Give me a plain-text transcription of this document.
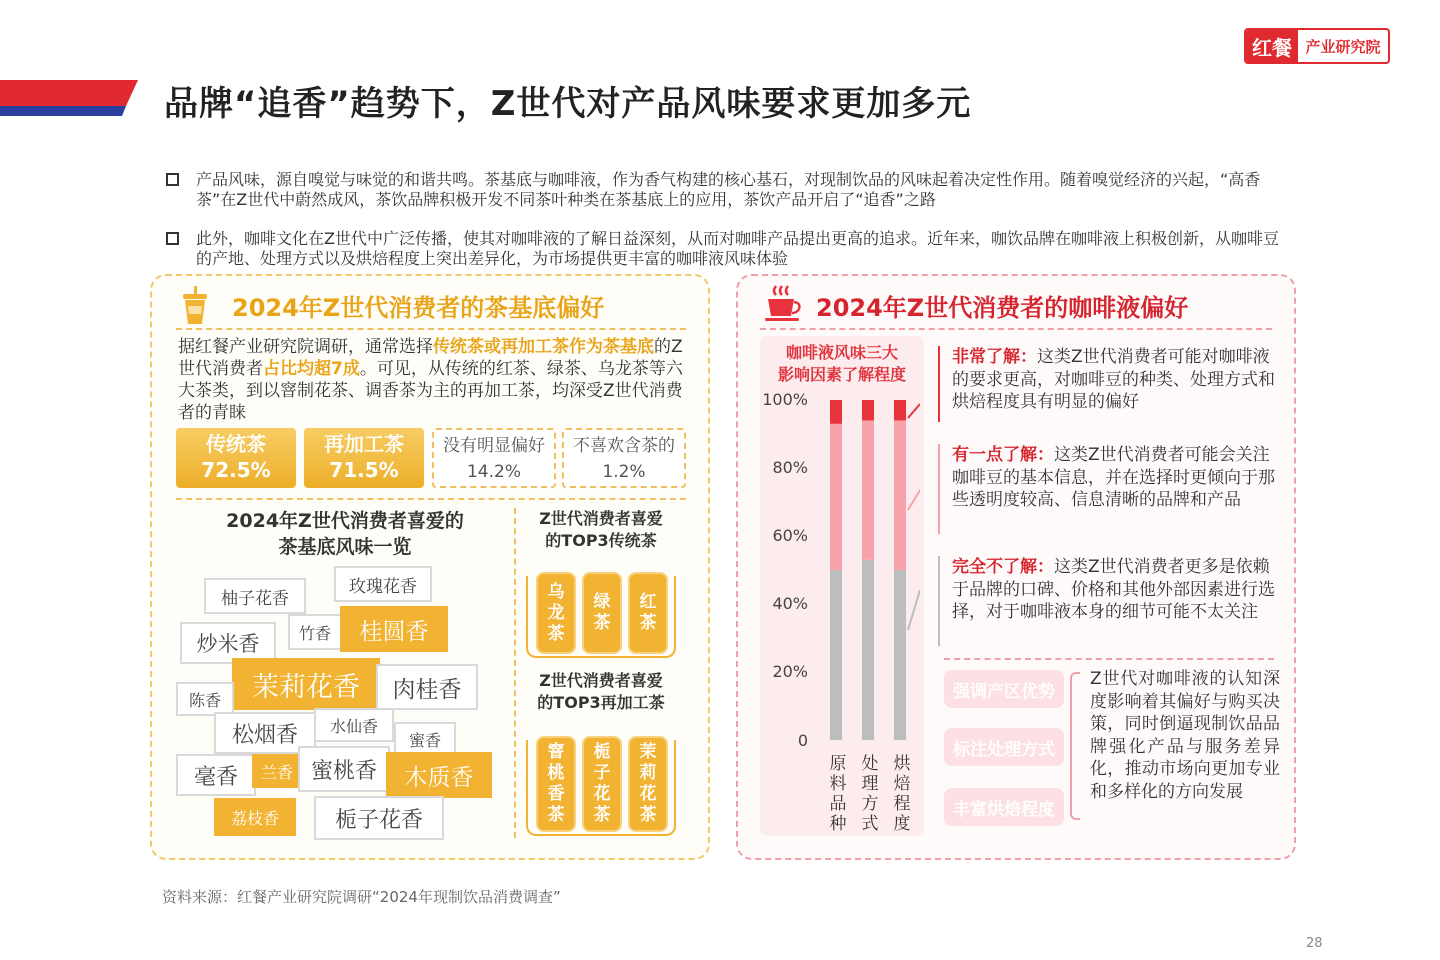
品牌“追香”趋势下，Z世代对产品风味要求更加多元
红餐 产业研究院
产品风味，源自嗅觉与味觉的和谐共鸣。茶基底与咖啡液，作为香气构建的核心基石，对现制饮品的风味起着决定性作用。随着嗅觉经济的兴起，“高香茶”在Z世代中蔚然成风，茶饮品牌积极开发不同茶叶种类在茶基底上的应用，茶饮产品开启了“追香”之路
此外，咖啡文化在Z世代中广泛传播，使其对咖啡液的了解日益深刻，从而对咖啡产品提出更高的追求。近年来，咖饮品牌在咖啡液上积极创新，从咖啡豆的产地、处理方式以及烘焙程度上突出差异化，为市场提供更丰富的咖啡液风味体验
2024年Z世代消费者的茶基底偏好
据红餐产业研究院调研，通常选择传统茶或再加工茶作为茶基底的Z世代消费者占比均超7成。可见，从传统的红茶、绿茶、乌龙茶等六大茶类，到以窨制花茶、调香茶为主的再加工茶，均深受Z世代消费者的青睐
传统茶
72.5%
再加工茶
71.5%
没有明显偏好
14.2%
不喜欢含茶的
1.2%
2024年Z世代消费者喜爱的
茶基底风味一览
柚子花香
玫瑰花香
炒米香	竹香	桂圆香
茉莉花香	肉桂香
陈香
松烟香	水仙香
蜜香
毫香	兰香 蜜桃香	木质香
荔枝香	栀子花香
Z世代消费者喜爱
的TOP3传统茶
乌
龙
茶
绿
茶
红
茶
Z世代消费者喜爱
的TOP3再加工茶
窨
桃
香
茶
栀
子
花
茶
茉
莉
花
茶
2024年Z世代消费者的咖啡液偏好
咖啡液风味三大
影响因素了解程度
100%
80%
60%
40%
20%
0
原
料
品
种
处
理
方
式
烘
焙
程
度
非常了解：这类Z世代消费者可能对咖啡液的要求更高，对咖啡豆的种类、处理方式和烘焙程度具有明显的偏好
有一点了解：这类Z世代消费者可能会关注咖啡豆的基本信息，并在选择时更倾向于那些透明度较高、信息清晰的品牌和产品
完全不了解：这类Z世代消费者更多是依赖于品牌的口碑、价格和其他外部因素进行选择，对于咖啡液本身的细节可能不太关注
强调产区优势
标注处理方式
丰富烘焙程度
Z世代对咖啡液的认知深度影响着其偏好与购买决策，同时倒逼现制饮品品牌强化产品与服务差异化，推动市场向更加专业和多样化的方向发展
资料来源：红餐产业研究院调研“2024年现制饮品消费调查”
28
